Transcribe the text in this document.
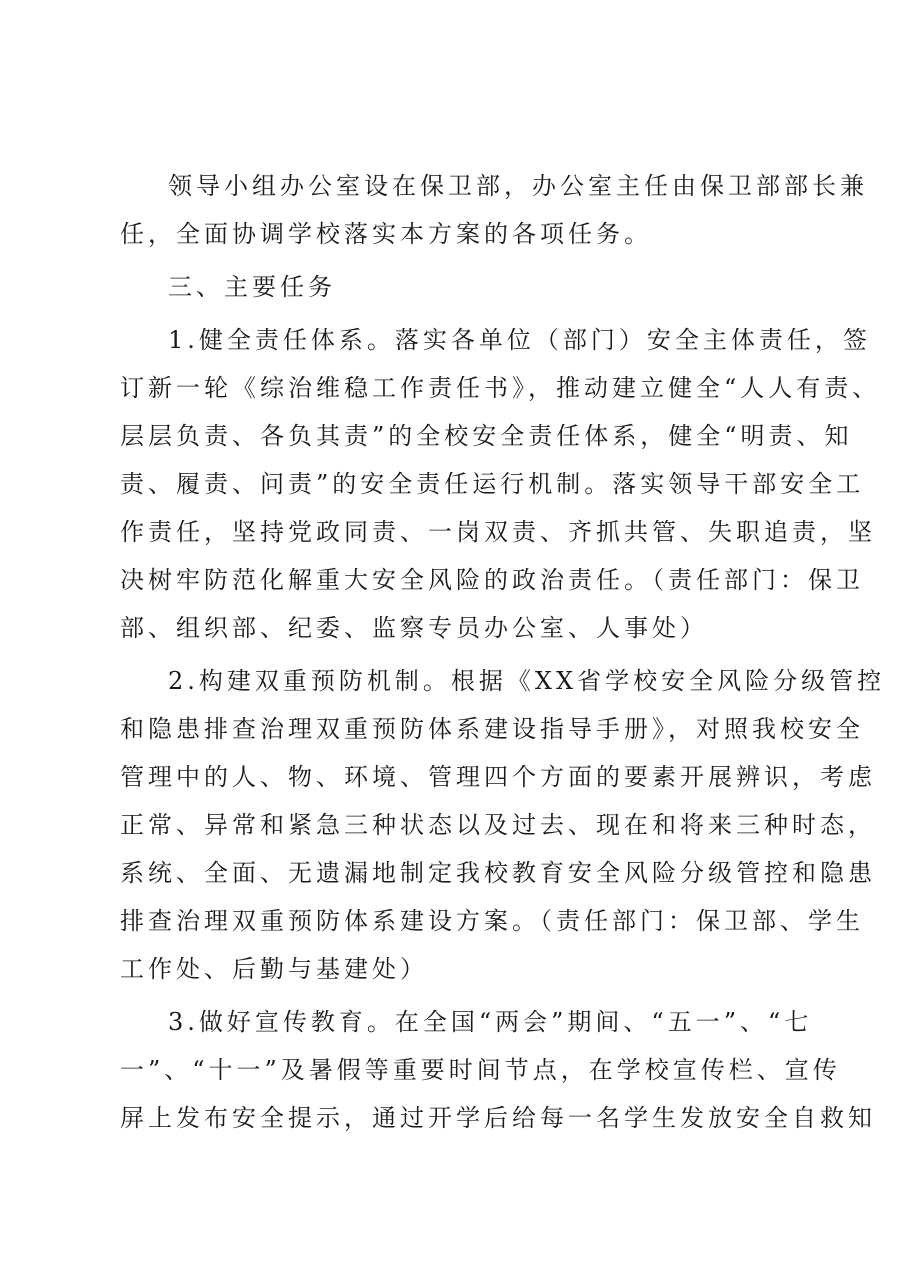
领导小组办公室设在保卫部，办公室主任由保卫部部长兼
任，全面协调学校落实本方案的各项任务。
三、主要任务
1.健全责任体系。落实各单位（部门）安全主体责任，签
订新一轮《综治维稳工作责任书》，推动建立健全“人人有责、
层层负责、各负其责”的全校安全责任体系，健全“明责、知
责、履责、问责”的安全责任运行机制。落实领导干部安全工
作责任，坚持党政同责、一岗双责、齐抓共管、失职追责，坚
决树牢防范化解重大安全风险的政治责任。（责任部门：保卫
部、组织部、纪委、监察专员办公室、人事处）
2.构建双重预防机制。根据《XX省学校安全风险分级管控
和隐患排查治理双重预防体系建设指导手册》，对照我校安全
管理中的人、物、环境、管理四个方面的要素开展辨识，考虑
正常、异常和紧急三种状态以及过去、现在和将来三种时态，
系统、全面、无遗漏地制定我校教育安全风险分级管控和隐患
排查治理双重预防体系建设方案。（责任部门：保卫部、学生
工作处、后勤与基建处）
3.做好宣传教育。在全国“两会”期间、“五一”、“七
一”、“十一”及暑假等重要时间节点，在学校宣传栏、宣传
屏上发布安全提示，通过开学后给每一名学生发放安全自救知
